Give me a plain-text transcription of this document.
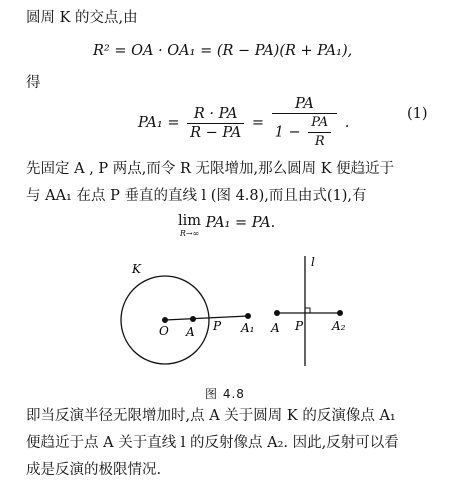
圆周 K 的交点,由
R² = OA · OA₁ = (R − PA)(R + PA₁),
得
$PA_1 = \frac{R \cdot PA}{R - PA} = \frac{PA}{1 - \frac{PA}{R}}$ .
(1)
先固定 A , P 两点,而令 R 无限增加,那么圆周 K 便趋近于
与 AA₁ 在点 P 垂直的直线 l (图 4.8),而且由式(1),有
lim
R→∞
PA₁ = PA.
K
O A P A₁
l
A P A₂
图 4.8
即当反演半径无限增加时,点 A 关于圆周 K 的反演像点 A₁
便趋近于点 A 关于直线 l 的反射像点 A₂. 因此,反射可以看
成是反演的极限情况.
